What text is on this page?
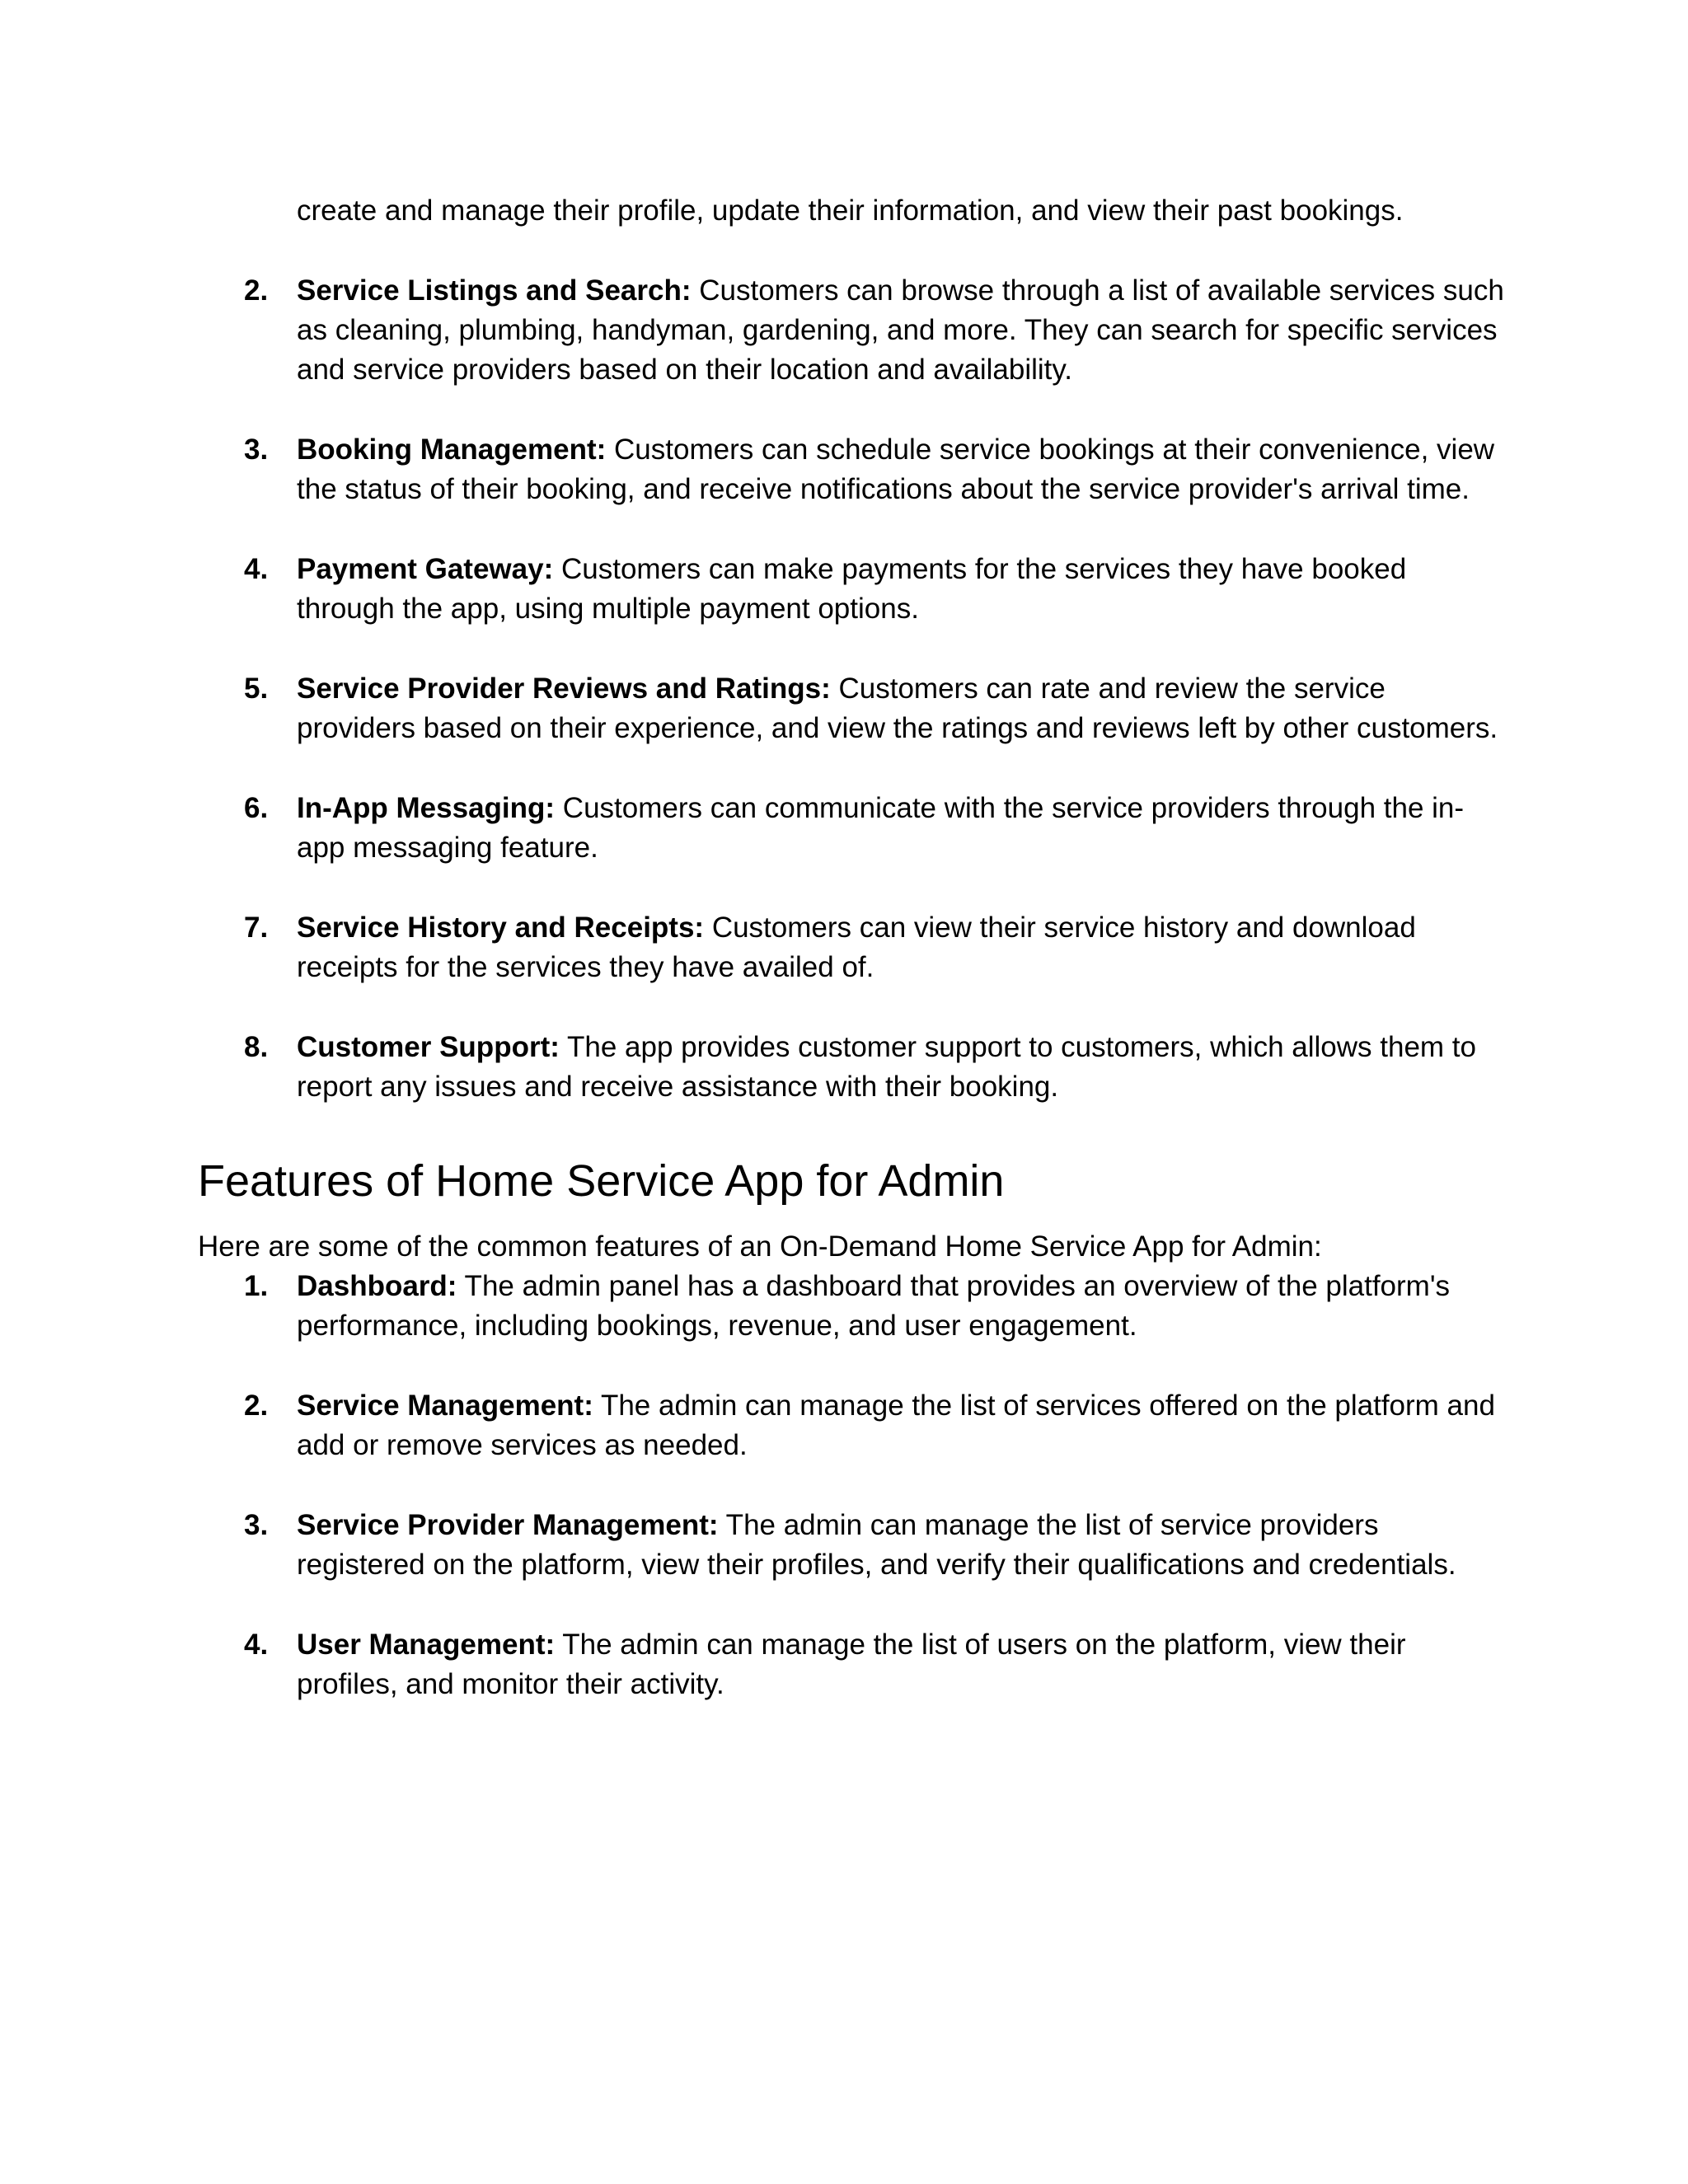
create and manage their profile, update their information, and view their past bookings.

2. Service Listings and Search: Customers can browse through a list of available services such as cleaning, plumbing, handyman, gardening, and more. They can search for specific services and service providers based on their location and availability.
3. Booking Management: Customers can schedule service bookings at their convenience, view the status of their booking, and receive notifications about the service provider's arrival time.
4. Payment Gateway: Customers can make payments for the services they have booked through the app, using multiple payment options.
5. Service Provider Reviews and Ratings: Customers can rate and review the service providers based on their experience, and view the ratings and reviews left by other customers.
6. In-App Messaging: Customers can communicate with the service providers through the in-app messaging feature.
7. Service History and Receipts: Customers can view their service history and download receipts for the services they have availed of.
8. Customer Support: The app provides customer support to customers, which allows them to report any issues and receive assistance with their booking.
Features of Home Service App for Admin

Here are some of the common features of an On-Demand Home Service App for Admin:

1. Dashboard: The admin panel has a dashboard that provides an overview of the platform's performance, including bookings, revenue, and user engagement.
2. Service Management: The admin can manage the list of services offered on the platform and add or remove services as needed.
3. Service Provider Management: The admin can manage the list of service providers registered on the platform, view their profiles, and verify their qualifications and credentials.
4. User Management: The admin can manage the list of users on the platform, view their profiles, and monitor their activity.
